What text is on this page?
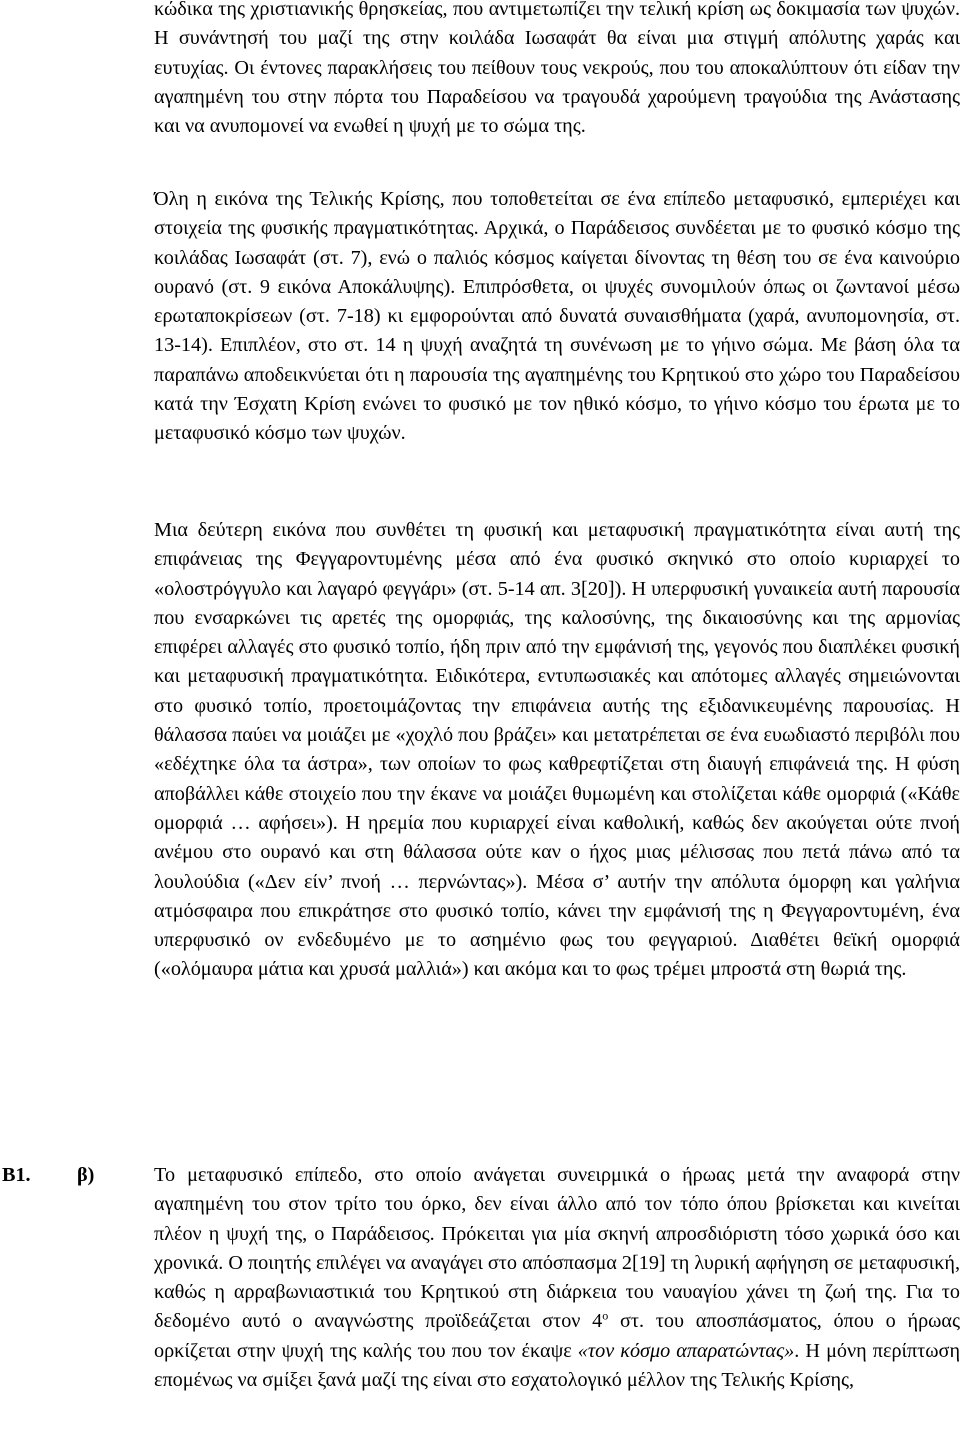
κώδικα της χριστιανικής θρησκείας, που αντιμετωπίζει την τελική κρίση ως δοκιμασία των ψυχών. Η συνάντησή του μαζί της στην κοιλάδα Ιωσαφάτ θα είναι μια στιγμή απόλυτης χαράς και ευτυχίας. Οι έντονες παρακλήσεις του πείθουν τους νεκρούς, που του αποκαλύπτουν ότι είδαν την αγαπημένη του στην πόρτα του Παραδείσου να τραγουδά χαρούμενη τραγούδια της Ανάστασης και να ανυπομονεί να ενωθεί η ψυχή με το σώμα της.

Όλη η εικόνα της Τελικής Κρίσης, που τοποθετείται σε ένα επίπεδο μεταφυσικό, εμπεριέχει και στοιχεία της φυσικής πραγματικότητας. Αρχικά, ο Παράδεισος συνδέεται με το φυσικό κόσμο της κοιλάδας Ιωσαφάτ (στ. 7), ενώ ο παλιός κόσμος καίγεται δίνοντας τη θέση του σε ένα καινούριο ουρανό (στ. 9 εικόνα Αποκάλυψης). Επιπρόσθετα, οι ψυχές συνομιλούν όπως οι ζωντανοί μέσω ερωταποκρίσεων (στ. 7-18) κι εμφορούνται από δυνατά συναισθήματα (χαρά, ανυπομονησία, στ. 13-14). Επιπλέον, στο στ. 14 η ψυχή αναζητά τη συνένωση με το γήινο σώμα. Με βάση όλα τα παραπάνω αποδεικνύεται ότι η παρουσία της αγαπημένης του Κρητικού στο χώρο του Παραδείσου κατά την Έσχατη Κρίση ενώνει το φυσικό με τον ηθικό κόσμο, το γήινο κόσμο του έρωτα με το μεταφυσικό κόσμο των ψυχών.

Μια δεύτερη εικόνα που συνθέτει τη φυσική και μεταφυσική πραγματικότητα είναι αυτή της επιφάνειας της Φεγγαροντυμένης μέσα από ένα φυσικό σκηνικό στο οποίο κυριαρχεί το «ολοστρόγγυλο και λαγαρό φεγγάρι» (στ. 5-14 απ. 3[20]). Η υπερφυσική γυναικεία αυτή παρουσία που ενσαρκώνει τις αρετές της ομορφιάς, της καλοσύνης, της δικαιοσύνης και της αρμονίας επιφέρει αλλαγές στο φυσικό τοπίο, ήδη πριν από την εμφάνισή της, γεγονός που διαπλέκει φυσική και μεταφυσική πραγματικότητα. Ειδικότερα, εντυπωσιακές και απότομες αλλαγές σημειώνονται στο φυσικό τοπίο, προετοιμάζοντας την επιφάνεια αυτής της εξιδανικευμένης παρουσίας. Η θάλασσα παύει να μοιάζει με «χοχλό που βράζει» και μετατρέπεται σε ένα ευωδιαστό περιβόλι που «εδέχτηκε όλα τα άστρα», των οποίων το φως καθρεφτίζεται στη διαυγή επιφάνειά της. Η φύση αποβάλλει κάθε στοιχείο που την έκανε να μοιάζει θυμωμένη και στολίζεται κάθε ομορφιά («Κάθε ομορφιά … αφήσει»). Η ηρεμία που κυριαρχεί είναι καθολική, καθώς δεν ακούγεται ούτε πνοή ανέμου στο ουρανό και στη θάλασσα ούτε καν ο ήχος μιας μέλισσας που πετά πάνω από τα λουλούδια («Δεν είν’ πνοή … περνώντας»). Μέσα σ’ αυτήν την απόλυτα όμορφη και γαλήνια ατμόσφαιρα που επικράτησε στο φυσικό τοπίο, κάνει την εμφάνισή της η Φεγγαροντυμένη, ένα υπερφυσικό ον ενδεδυμένο με το ασημένιο φως του φεγγαριού. Διαθέτει θεϊκή ομορφιά («ολόμαυρα μάτια και χρυσά μαλλιά») και ακόμα και το φως τρέμει μπροστά στη θωριά της.

Β1. β)	Το μεταφυσικό επίπεδο, στο οποίο ανάγεται συνειρμικά ο ήρωας μετά την αναφορά στην αγαπημένη του στον τρίτο του όρκο, δεν είναι άλλο από τον τόπο όπου βρίσκεται και κινείται πλέον η ψυχή της, ο Παράδεισος. Πρόκειται για μία σκηνή απροσδιόριστη τόσο χωρικά όσο και χρονικά. Ο ποιητής επιλέγει να αναγάγει στο απόσπασμα 2[19] τη λυρική αφήγηση σε μεταφυσική, καθώς η αρραβωνιαστικιά του Κρητικού στη διάρκεια του ναυαγίου χάνει τη ζωή της. Για το δεδομένο αυτό ο αναγνώστης προϊδεάζεται στον $4^o$ στ. του αποσπάσματος, όπου ο ήρωας ορκίζεται στην ψυχή της καλής του που τον έκαψε «τον κόσμο απαρατώντας». Η μόνη περίπτωση επομένως να σμίξει ξανά μαζί της είναι στο εσχατολογικό μέλλον της Τελικής Κρίσης,
